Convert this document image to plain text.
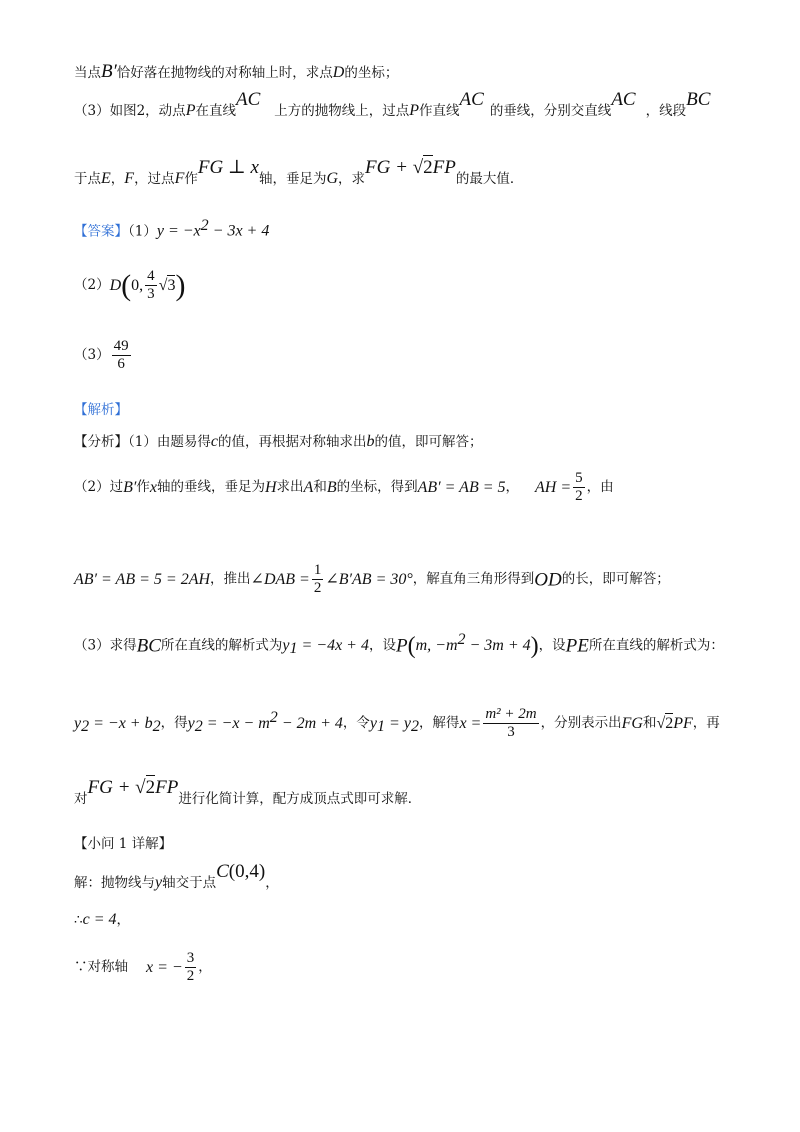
当点B′恰好落在抛物线的对称轴上时，求点D的坐标；
（3）如图2，动点P在直线AC上方的抛物线上，过点P作直线AC的垂线，分别交直线AC，线段BC
于点E，F，过点F作FG ⊥ x轴，垂足为G，求FG + √2FP的最大值．
【答案】$(1)y = -x^2 - 3x + 4$
（2）D(0, $\frac{4}{3} √3$)
$(3) \frac{49}{6}$
【解析】
【分析】（1）由题易得c的值，再根据对称轴求出b的值，即可解答；
（2）过B′作x轴的垂线，垂足为H求出A和B的坐标，得到AB′ = AB = 5， AH = $\frac{5}{2}$ ，由
AB′ = AB = 5 = 2AH，推出∠DAB = $\frac{1}{2}$ ∠B′AB = 30°，解直角三角形得到OD的长，即可解答；
（3）求得BC所在直线的解析式为$y_1 = -4x + 4$，设P(m, $-m^2 - 3m + 4$)，设PE所在直线的解析式为：
$y_2 = -x + b_2$，得$y_2 = -x - m^2 - 2m + 4$，令$y_1 = y_2$，解得$x = \frac{\text{m² + 2m}}{3}$ ，分别表示出FG和√2PF，再
对FG + √2FP进行化简计算，配方成顶点式即可求解．
【小问 1 详解】
解：抛物线与y轴交于点C(0,4)，
∴c = 4，
∵对称轴 x = − $\frac{3}{2}$ ，
